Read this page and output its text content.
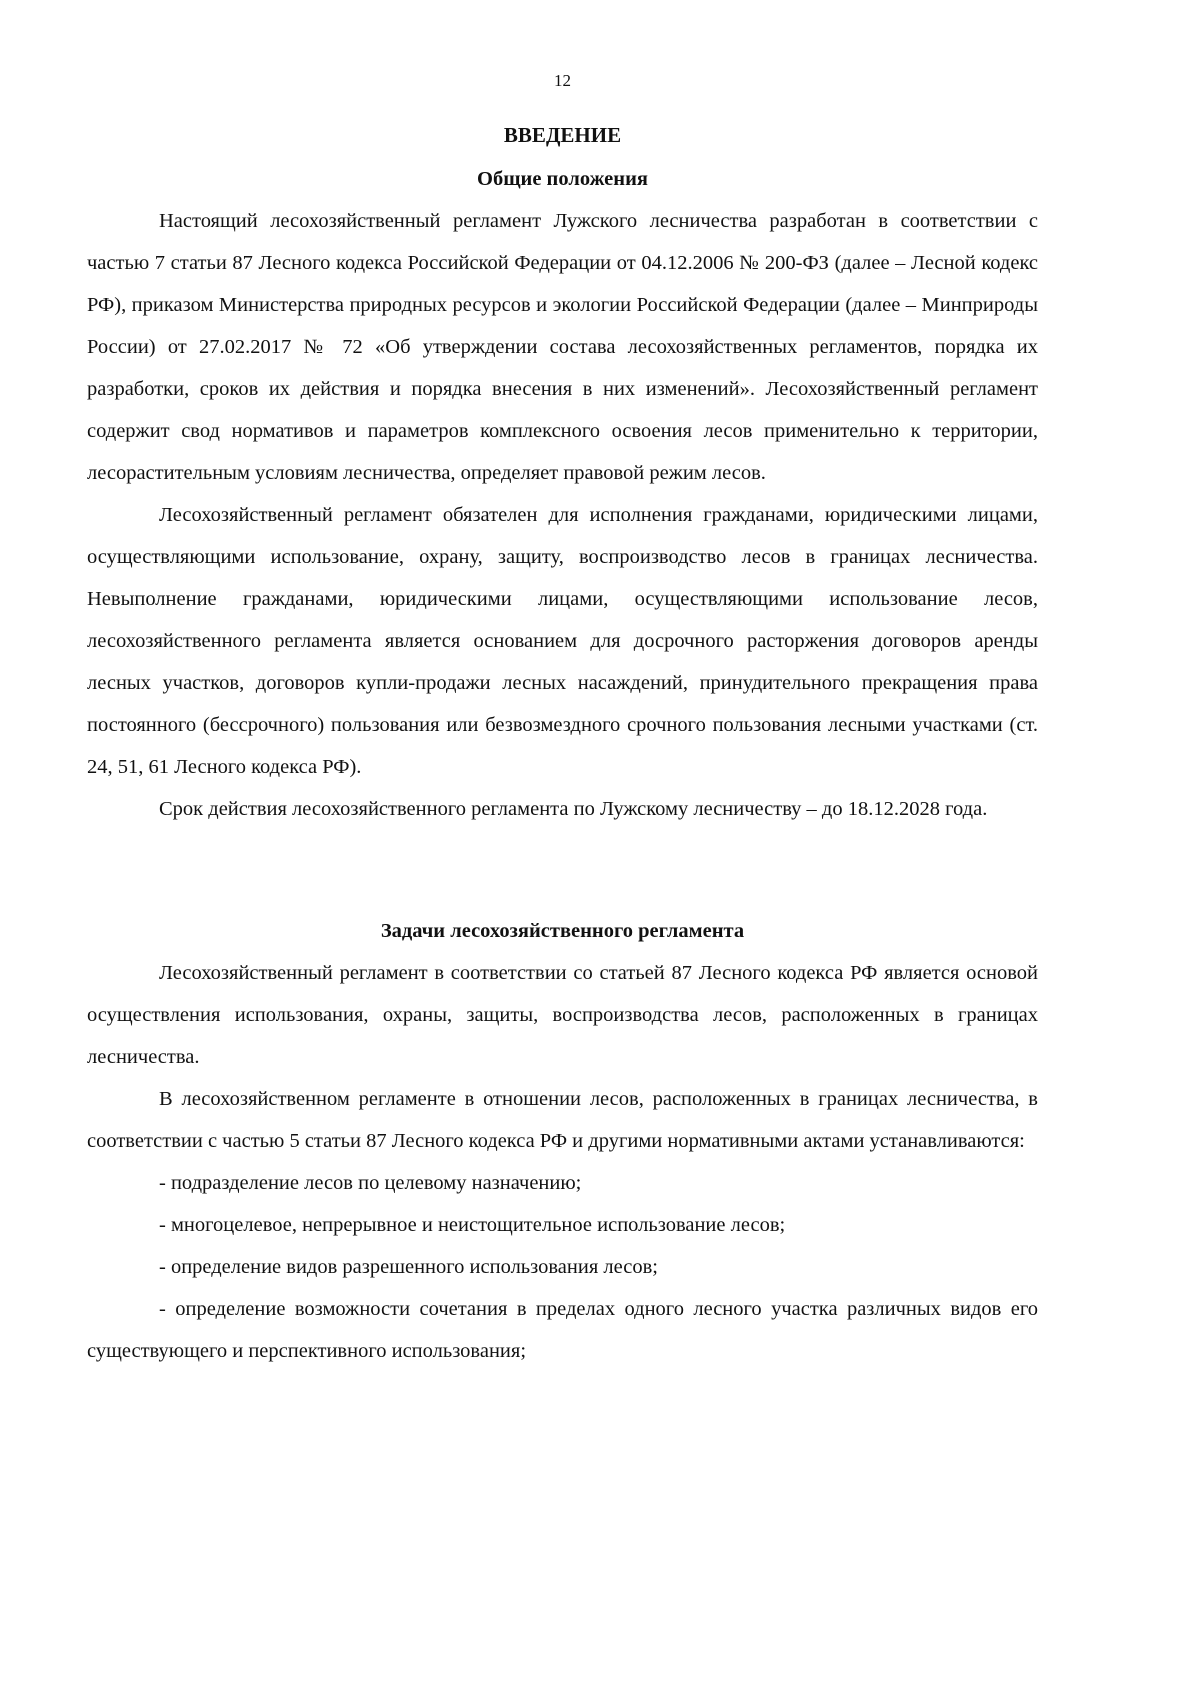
12
ВВЕДЕНИЕ
Общие положения

Настоящий лесохозяйственный регламент Лужского лесничества разработан в соответствии с частью 7 статьи 87 Лесного кодекса Российской Федерации от 04.12.2006 № 200-ФЗ (далее – Лесной кодекс РФ), приказом Министерства природных ресурсов и экологии Российской Федерации (далее – Минприроды России) от 27.02.2017 № 72 «Об утверждении состава лесохозяйственных регламентов, порядка их разработки, сроков их действия и порядка внесения в них изменений». Лесохозяйственный регламент содержит свод нормативов и параметров комплексного освоения лесов применительно к территории, лесорастительным условиям лесничества, определяет правовой режим лесов.

Лесохозяйственный регламент обязателен для исполнения гражданами, юридическими лицами, осуществляющими использование, охрану, защиту, воспроизводство лесов в границах лесничества. Невыполнение гражданами, юридическими лицами, осуществляющими использование лесов, лесохозяйственного регламента является основанием для досрочного расторжения договоров аренды лесных участков, договоров купли-продажи лесных насаждений, принудительного прекращения права постоянного (бессрочного) пользования или безвозмездного срочного пользования лесными участками (ст. 24, 51, 61 Лесного кодекса РФ).

Срок действия лесохозяйственного регламента по Лужскому лесничеству – до 18.12.2028 года.

Задачи лесохозяйственного регламента

Лесохозяйственный регламент в соответствии со статьей 87 Лесного кодекса РФ является основой осуществления использования, охраны, защиты, воспроизводства лесов, расположенных в границах лесничества.

В лесохозяйственном регламенте в отношении лесов, расположенных в границах лесничества, в соответствии с частью 5 статьи 87 Лесного кодекса РФ и другими нормативными актами устанавливаются:

- подразделение лесов по целевому назначению;

- многоцелевое, непрерывное и неистощительное использование лесов;

- определение видов разрешенного использования лесов;

- определение возможности сочетания в пределах одного лесного участка различных видов его существующего и перспективного использования;
